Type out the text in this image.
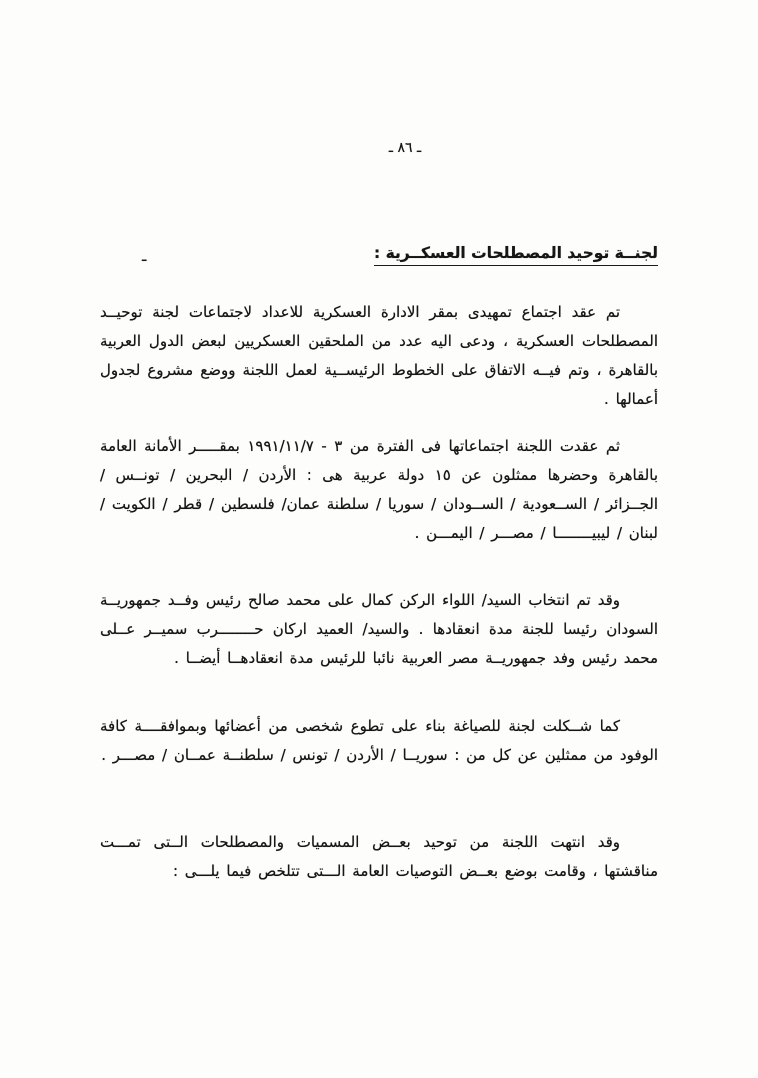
ـ ٨٦ ـ
لجنــة توحيد المصطلحات العسكــرية :
ـ
تم عقد اجتماع تمهيدى بمقر الادارة العسكرية للاعداد لاجتماعات لجنة توحيــد المصطلحات العسكرية ، ودعى اليه عدد من الملحقين العسكريين لبعض الدول العربية بالقاهرة ، وتم فيــه الاتفاق على الخطوط الرئيســية لعمل اللجنة ووضع مشروع لجدول أعمالها .
ثم عقدت اللجنة اجتماعاتها فى الفترة من ٣ - ١٩٩١/١١/٧ بمقـــــر الأمانة العامة بالقاهرة وحضرها ممثلون عن ١٥ دولة عربية هى : الأردن / البحرين / تونــس / الجــزائر / الســعودية / الســودان / سوريا / سلطنة عمان/ فلسطين / قطر / الكويت / لبنان / ليبيــــــــا / مصـــر / اليمـــن .
وقد تم انتخاب السيد/ اللواء الركن كمال على محمد صالح رئيس وفــد جمهوريــة السودان رئيسا للجنة مدة انعقادها . والسيد/ العميد اركان حــــــــرب سميــر عــلى محمد رئيس وفد جمهوريــة مصر العربية نائبا للرئيس مدة انعقادهــا أيضــا .
كما شــكلت لجنة للصياغة بناء على تطوع شخصى من أعضائها وبموافقــــة كافة الوفود من ممثلين عن كل من : سوريــا / الأردن / تونس / سلطنــة عمــان / مصـــر .
وقد انتهت اللجنة من توحيد بعــض المسميات والمصطلحات الــتى تمـــت مناقشتها ، وقامت بوضع بعــض التوصيات العامة الـــتى تتلخص فيما يلـــى :
